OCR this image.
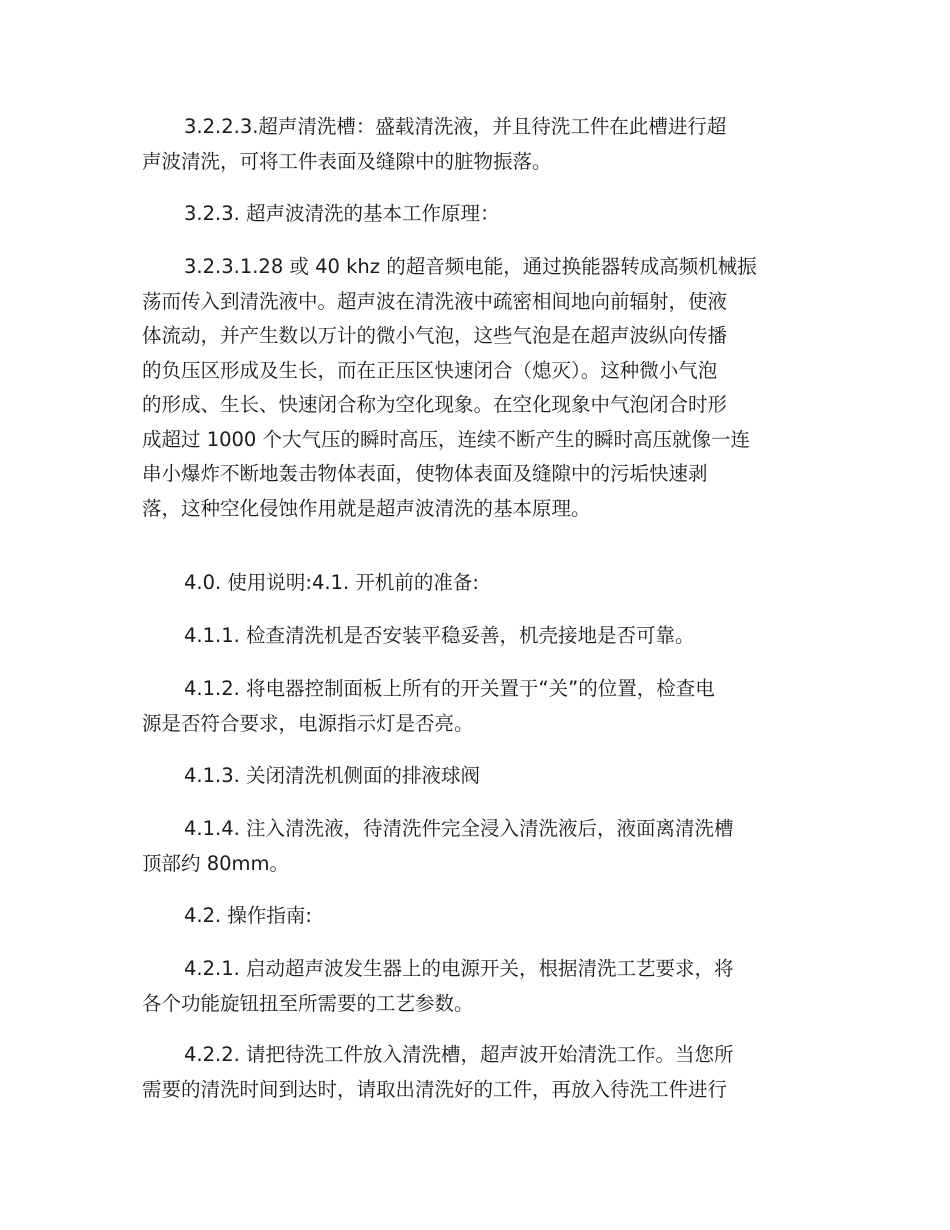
3.2.2.3.超声清洗槽：盛载清洗液，并且待洗工件在此槽进行超
声波清洗，可将工件表面及缝隙中的脏物振落。

3.2.3. 超声波清洗的基本工作原理：

3.2.3.1.28 或 40 khz 的超音频电能，通过换能器转成高频机械振
荡而传入到清洗液中。超声波在清洗液中疏密相间地向前辐射，使液
体流动，并产生数以万计的微小气泡，这些气泡是在超声波纵向传播
的负压区形成及生长，而在正压区快速闭合（熄灭）。这种微小气泡
的形成、生长、快速闭合称为空化现象。在空化现象中气泡闭合时形
成超过 1000 个大气压的瞬时高压，连续不断产生的瞬时高压就像一连
串小爆炸不断地轰击物体表面，使物体表面及缝隙中的污垢快速剥
落，这种空化侵蚀作用就是超声波清洗的基本原理。

4.0. 使用说明:4.1. 开机前的准备:

4.1.1. 检查清洗机是否安装平稳妥善，机壳接地是否可靠。

4.1.2. 将电器控制面板上所有的开关置于“关”的位置，检查电
源是否符合要求，电源指示灯是否亮。

4.1.3. 关闭清洗机侧面的排液球阀

4.1.4. 注入清洗液，待清洗件完全浸入清洗液后，液面离清洗槽
顶部约 80mm。

4.2. 操作指南:

4.2.1. 启动超声波发生器上的电源开关，根据清洗工艺要求，将
各个功能旋钮扭至所需要的工艺参数。

4.2.2. 请把待洗工件放入清洗槽，超声波开始清洗工作。当您所
需要的清洗时间到达时，请取出清洗好的工件，再放入待洗工件进行
